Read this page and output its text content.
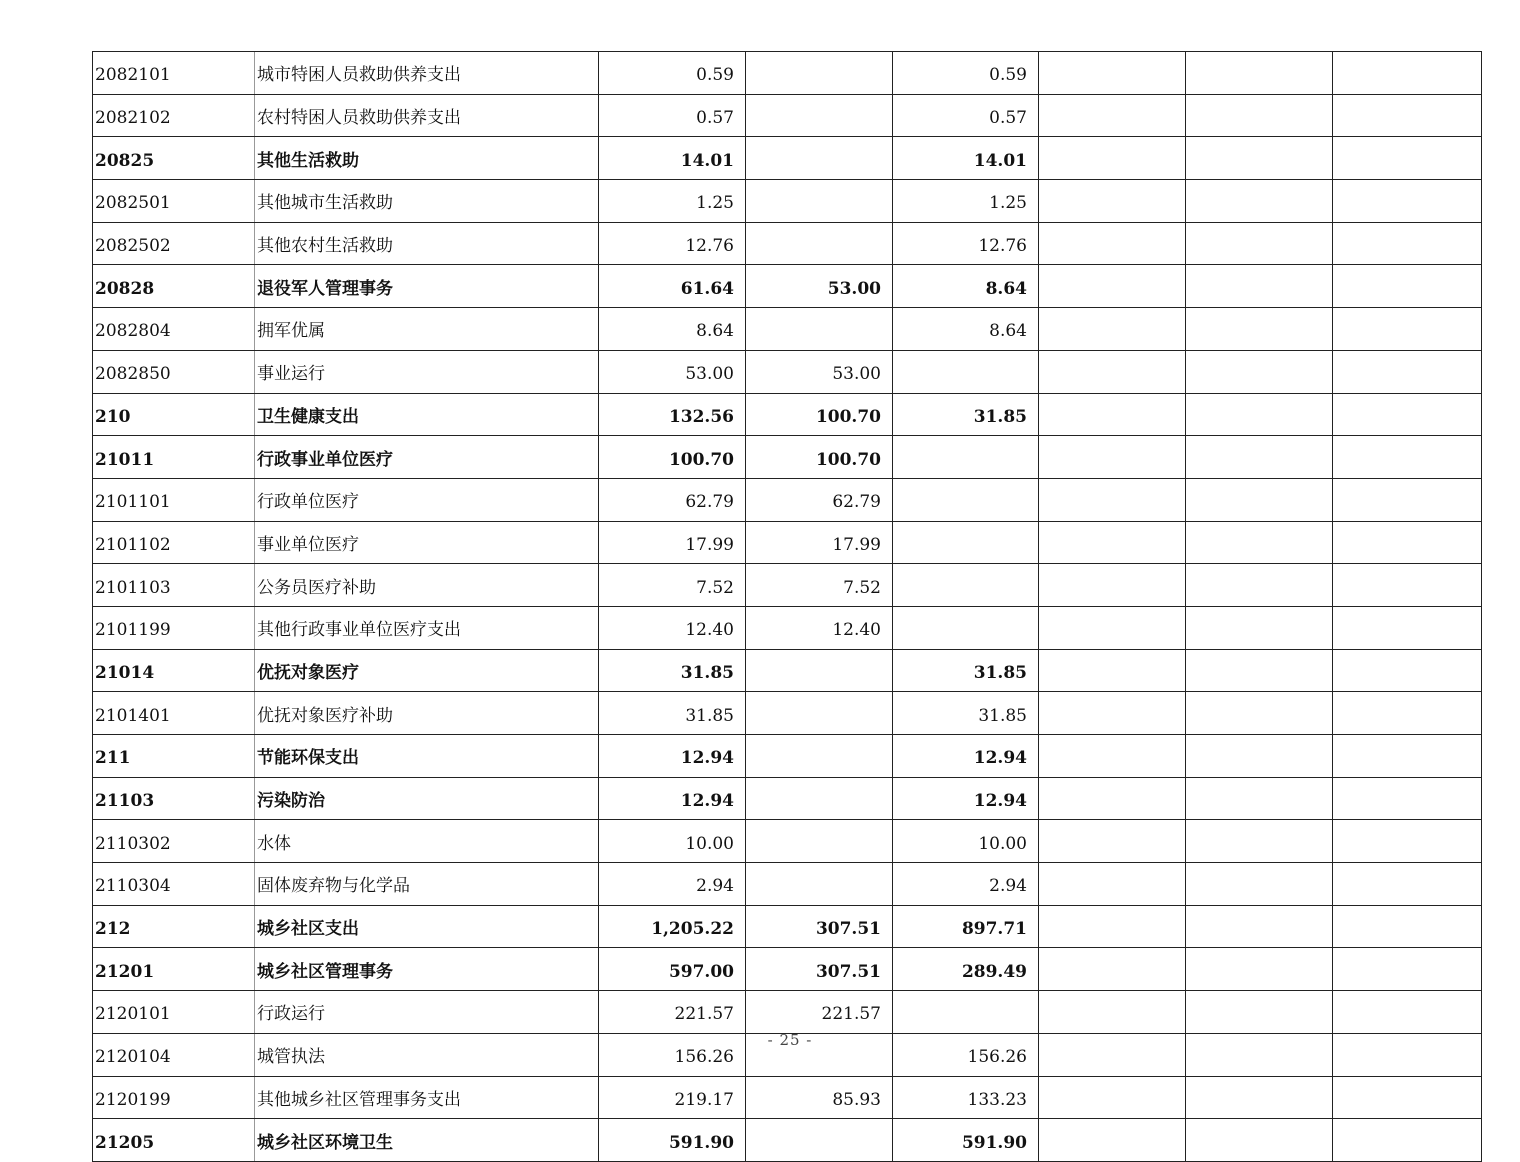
2082101	城市特困人员救助供养支出	0.59		0.59			
2082102	农村特困人员救助供养支出	0.57		0.57			
20825	其他生活救助	14.01		14.01			
2082501	其他城市生活救助	1.25		1.25			
2082502	其他农村生活救助	12.76		12.76			
20828	退役军人管理事务	61.64	53.00	8.64			
2082804	拥军优属	8.64		8.64			
2082850	事业运行	53.00	53.00				
210	卫生健康支出	132.56	100.70	31.85			
21011	行政事业单位医疗	100.70	100.70				
2101101	行政单位医疗	62.79	62.79				
2101102	事业单位医疗	17.99	17.99				
2101103	公务员医疗补助	7.52	7.52				
2101199	其他行政事业单位医疗支出	12.40	12.40				
21014	优抚对象医疗	31.85		31.85			
2101401	优抚对象医疗补助	31.85		31.85			
211	节能环保支出	12.94		12.94			
21103	污染防治	12.94		12.94			
2110302	水体	10.00		10.00			
2110304	固体废弃物与化学品	2.94		2.94			
212	城乡社区支出	1,205.22	307.51	897.71			
21201	城乡社区管理事务	597.00	307.51	289.49			
2120101	行政运行	221.57	221.57				
2120104	城管执法	156.26		156.26			
2120199	其他城乡社区管理事务支出	219.17	85.93	133.23			
21205	城乡社区环境卫生	591.90		591.90			
- 25 -
